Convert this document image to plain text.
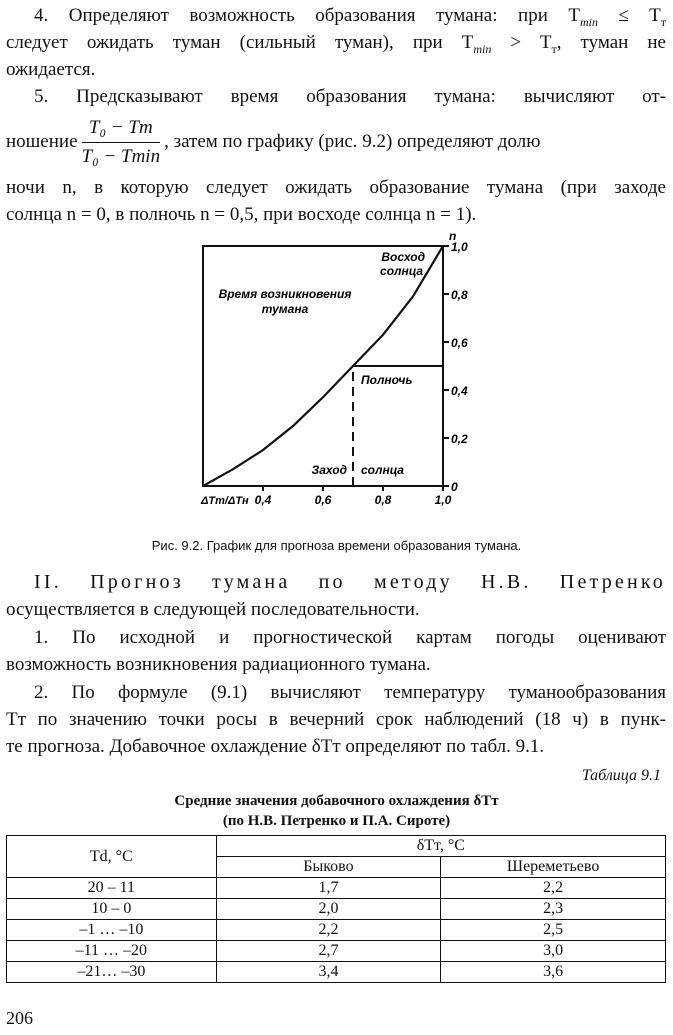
4. Определяют возможность образования тумана: при $T_{min} \le T_т$

следует ожидать туман (сильный туман), при $T_{min} > T_т$, туман не

ожидается.

5. Предсказывают время образования тумана: вычисляют от-

ношение $\frac{\text{T₀ − Tт}}{\text{T₀ − Tmin}}$ , затем по графику (рис. 9.2) определяют долю

ночи n, в которую следует ожидать образование тумана (при заходе

солнца n = 0, в полночь n = 0,5, при восходе солнца n = 1).

1,0
0,8
0,6
0,4
0,2
0
n
0,4	0,6	0,8	1,0
ΔTт/ΔTн
Время возникновения
тумана
Восход
солнца
Полночь
Заход солнца
Рис. 9.2. График для прогноза времени образования тумана.

II. Прогноз тумана по методу Н.В. Петренко

осуществляется в следующей последовательности.

1. По исходной и прогностической картам погоды оценивают

возможность возникновения радиационного тумана.

2. По формуле (9.1) вычисляют температуру туманообразования

Tт по значению точки росы в вечерний срок наблюдений (18 ч) в пунк-

те прогноза. Добавочное охлаждение δTт определяют по табл. 9.1.

Таблица 9.1
Средние значения добавочного охлаждения δTт
(по Н.В. Петренко и П.А. Сироте)
Td, °C	δTт, °C	
	Быково	Шереметьево
20 – 11	1,7	2,2
10 – 0	2,0	2,3
–1 … –10	2,2	2,5
–11 … –20	2,7	3,0
–21… –30	3,4	3,6
206
